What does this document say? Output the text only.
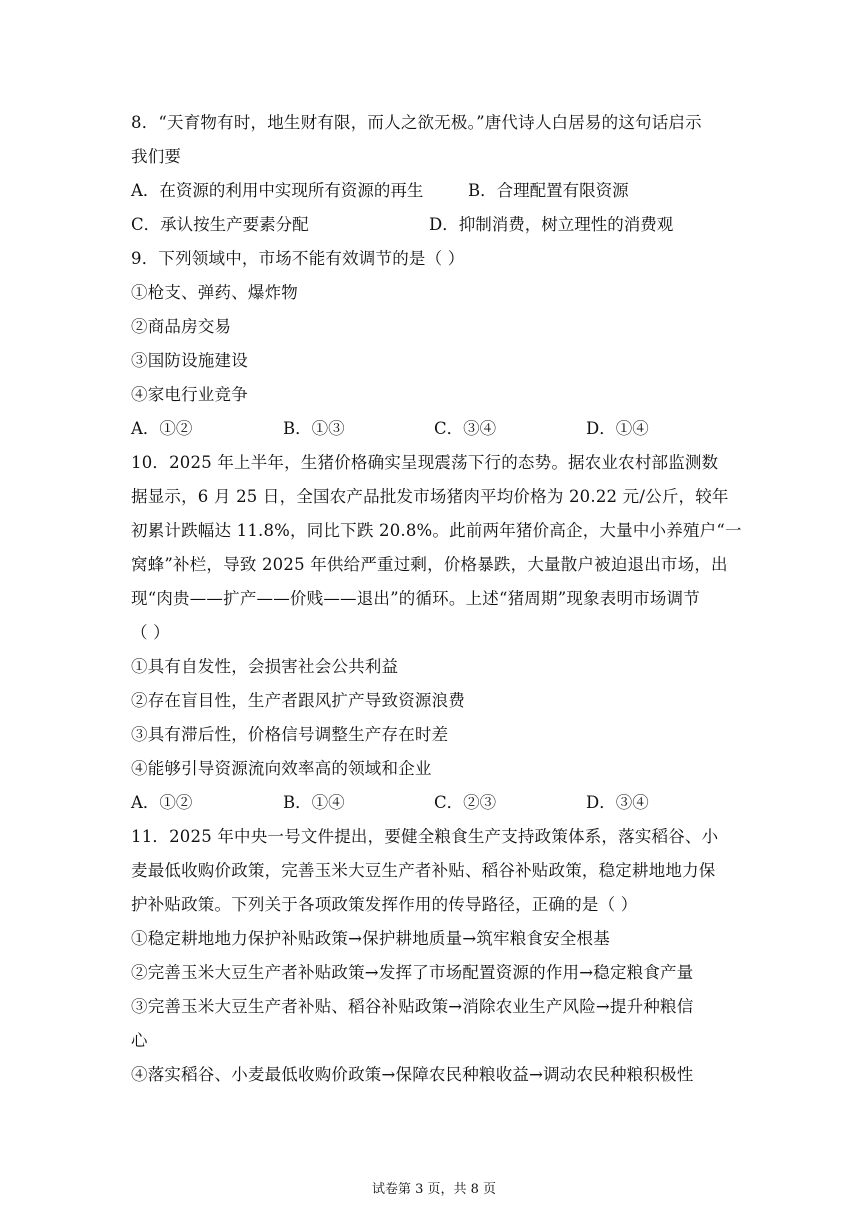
8．“天育物有时，地生财有限，而人之欲无极。”唐代诗人白居易的这句话启示
我们要
A．在资源的利用中实现所有资源的再生	B．合理配置有限资源
C．承认按生产要素分配	D．抑制消费，树立理性的消费观
9．下列领域中，市场不能有效调节的是（ ）
①枪支、弹药、爆炸物
②商品房交易
③国防设施建设
④家电行业竞争
A．①②	B．①③	C．③④	D．①④
10．2025 年上半年，生猪价格确实呈现震荡下行的态势。据农业农村部监测数
据显示，6 月 25 日，全国农产品批发市场猪肉平均价格为 20.22 元/公斤，较年
初累计跌幅达 11.8%，同比下跌 20.8%。此前两年猪价高企，大量中小养殖户“一
窝蜂”补栏，导致 2025 年供给严重过剩，价格暴跌，大量散户被迫退出市场，出
现“肉贵——扩产——价贱——退出”的循环。上述“猪周期”现象表明市场调节
（ ）
①具有自发性，会损害社会公共利益
②存在盲目性，生产者跟风扩产导致资源浪费
③具有滞后性，价格信号调整生产存在时差
④能够引导资源流向效率高的领域和企业
A．①②	B．①④	C．②③	D．③④
11．2025 年中央一号文件提出，要健全粮食生产支持政策体系，落实稻谷、小
麦最低收购价政策，完善玉米大豆生产者补贴、稻谷补贴政策，稳定耕地地力保
护补贴政策。下列关于各项政策发挥作用的传导路径，正确的是（ ）
①稳定耕地地力保护补贴政策→保护耕地质量→筑牢粮食安全根基
②完善玉米大豆生产者补贴政策→发挥了市场配置资源的作用→稳定粮食产量
③完善玉米大豆生产者补贴、稻谷补贴政策→消除农业生产风险→提升种粮信
心
④落实稻谷、小麦最低收购价政策→保障农民种粮收益→调动农民种粮积极性
试卷第 3 页，共 8 页
